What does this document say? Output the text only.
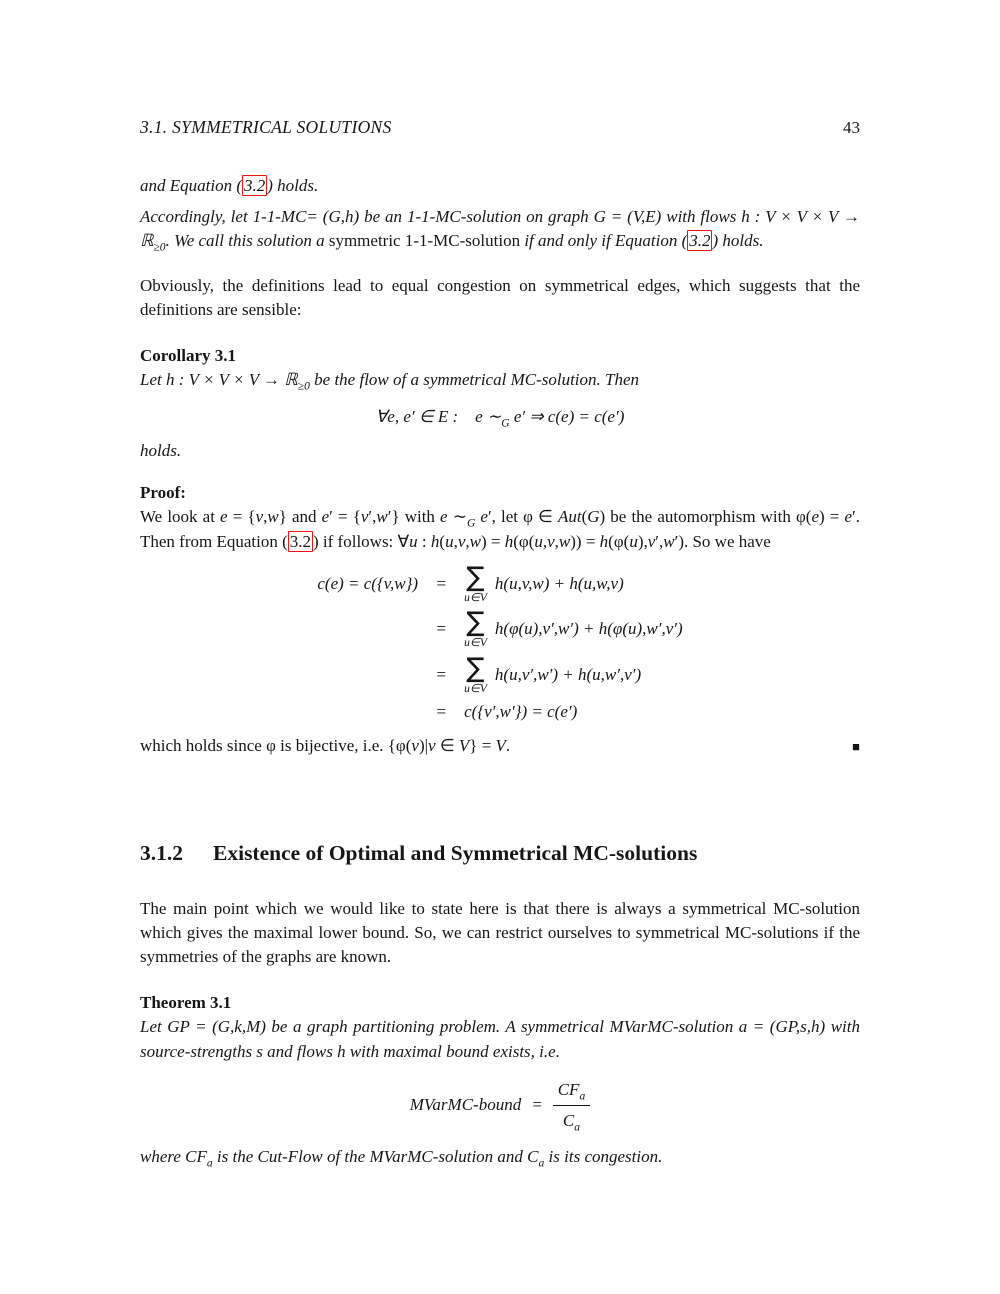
3.1. SYMMETRICAL SOLUTIONS	43

and Equation ( 3.2 ) holds.

Accordingly, let 1-1-MC= (G,h) be an 1-1-MC-solution on graph G = (V,E) with flows h : V × V × V → ℝ$_{\ge 0}$. We call this solution a symmetric 1-1-MC-solution if and only if Equation ( 3.2 ) holds.

Obviously, the definitions lead to equal congestion on symmetrical edges, which suggests that the definitions are sensible:

Corollary 3.1

Let h : V × V × V → ℝ$_{\ge 0}$ be the flow of a symmetrical MC-solution. Then

∀e, e′ ∈ E :    e $\sim_G$ e′ ⇒ c(e) = c(e′)

holds.

Proof:

We look at e = {v,w} and e′ = {v′,w′} with e $\sim_G$ e′, let φ ∈ Aut(G) be the automorphism with φ(e) = e′. Then from Equation ( 3.2 ) if follows: ∀u : h(u,v,w) = h(φ(u,v,w)) = h(φ(u),v′,w′). So we have

c(e) = c({v,w}) = ∑
u∈V
h(u,v,w) + h(u,w,v)
= ∑
u∈V
h(φ(u),v′,w′) + h(φ(u),w′,v′)
= ∑
u∈V
h(u,v′,w′) + h(u,w′,v′)
= c({v′,w′}) = c(e′)
which holds since φ is bijective, i.e. {φ(v)|v ∈ V} = V.	■
3.1.2 Existence of Optimal and Symmetrical MC-solutions

The main point which we would like to state here is that there is always a symmetrical MC-solution which gives the maximal lower bound. So, we can restrict ourselves to symmetrical MC-solutions if the symmetries of the graphs are known.

Theorem 3.1

Let GP = (G,k,M) be a graph partitioning problem. A symmetrical MVarMC-solution a = (GP,s,h) with source-strengths s and flows h with maximal bound exists, i.e.

MVarMC-bound = $\frac{CF_a}{C_a}$

where $CF_a$ is the Cut-Flow of the MVarMC-solution and $C_a$ is its congestion.
